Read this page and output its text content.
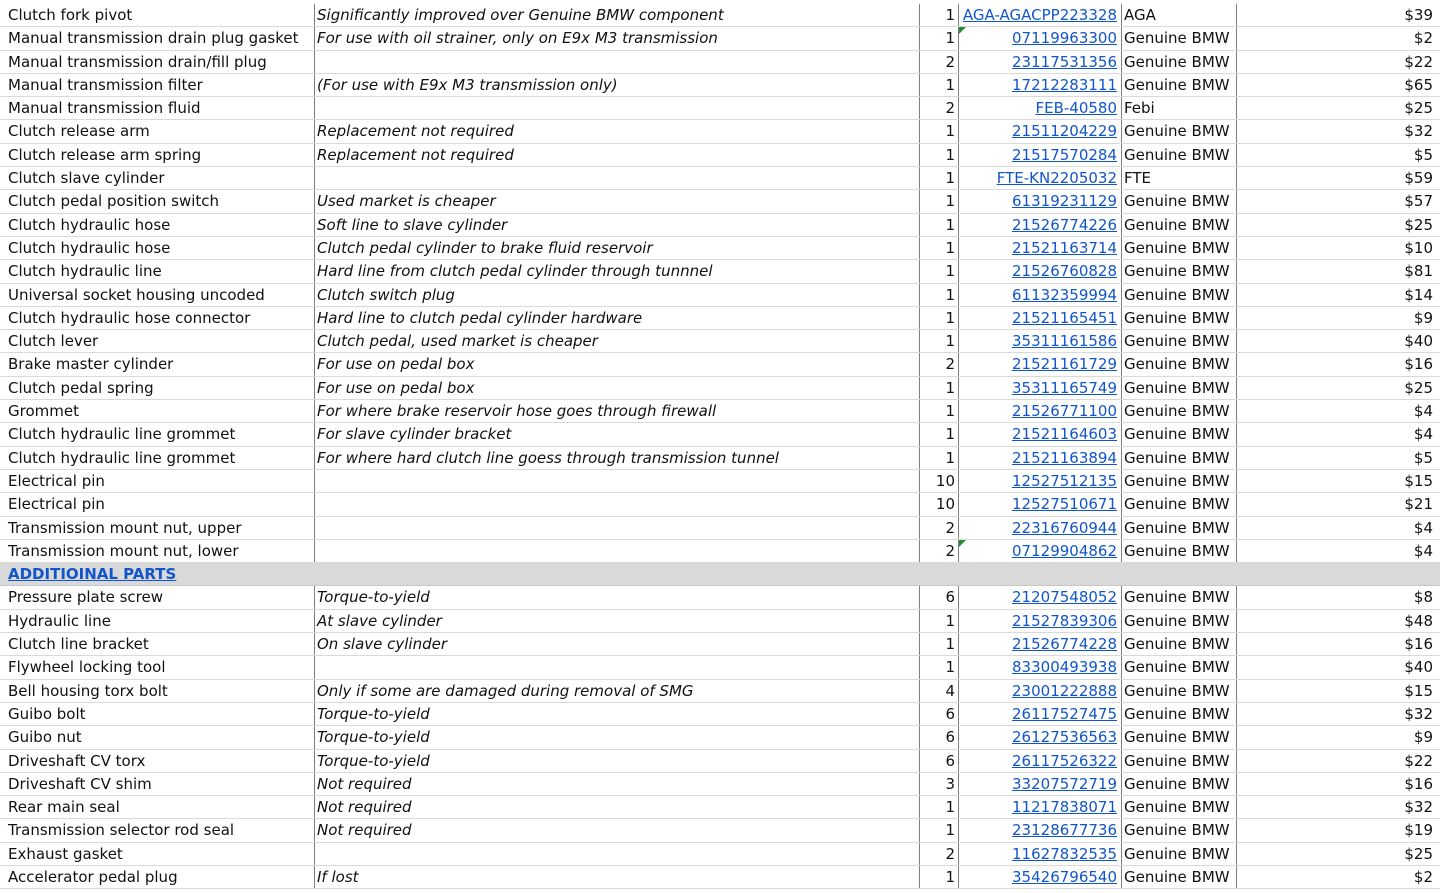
Clutch fork pivot	Significantly improved over Genuine BMW component	1 AGA-AGACPP223328 AGA	$39
Manual transmission drain plug gasket	For use with oil strainer, only on E9x M3 transmission	1	07119963300 Genuine BMW	$2
Manual transmission drain/fill plug	2	23117531356 Genuine BMW	$22
Manual transmission filter	(For use with E9x M3 transmission only)	1	17212283111 Genuine BMW	$65
Manual transmission fluid	2	FEB-40580 Febi	$25
Clutch release arm	Replacement not required	1	21511204229 Genuine BMW	$32
Clutch release arm spring	Replacement not required	1	21517570284 Genuine BMW	$5
Clutch slave cylinder	1	FTE-KN2205032 FTE	$59
Clutch pedal position switch	Used market is cheaper	1	61319231129 Genuine BMW	$57
Clutch hydraulic hose	Soft line to slave cylinder	1	21526774226 Genuine BMW	$25
Clutch hydraulic hose	Clutch pedal cylinder to brake fluid reservoir	1	21521163714 Genuine BMW	$10
Clutch hydraulic line	Hard line from clutch pedal cylinder through tunnnel	1	21526760828 Genuine BMW	$81
Universal socket housing uncoded	Clutch switch plug	1	61132359994 Genuine BMW	$14
Clutch hydraulic hose connector	Hard line to clutch pedal cylinder hardware	1	21521165451 Genuine BMW	$9
Clutch lever	Clutch pedal, used market is cheaper	1	35311161586 Genuine BMW	$40
Brake master cylinder	For use on pedal box	2	21521161729 Genuine BMW	$16
Clutch pedal spring	For use on pedal box	1	35311165749 Genuine BMW	$25
Grommet	For where brake reservoir hose goes through firewall	1	21526771100 Genuine BMW	$4
Clutch hydraulic line grommet	For slave cylinder bracket	1	21521164603 Genuine BMW	$4
Clutch hydraulic line grommet	For where hard clutch line goess through transmission tunnel	1	21521163894 Genuine BMW	$5
Electrical pin	10	12527512135 Genuine BMW	$15
Electrical pin	10	12527510671 Genuine BMW	$21
Transmission mount nut, upper	2	22316760944 Genuine BMW	$4
Transmission mount nut, lower	2	07129904862 Genuine BMW	$4
ADDITIOINAL PARTS
Pressure plate screw	Torque-to-yield	6	21207548052 Genuine BMW	$8
Hydraulic line	At slave cylinder	1	21527839306 Genuine BMW	$48
Clutch line bracket	On slave cylinder	1	21526774228 Genuine BMW	$16
Flywheel locking tool	1	83300493938 Genuine BMW	$40
Bell housing torx bolt	Only if some are damaged during removal of SMG	4	23001222888 Genuine BMW	$15
Guibo bolt	Torque-to-yield	6	26117527475 Genuine BMW	$32
Guibo nut	Torque-to-yield	6	26127536563 Genuine BMW	$9
Driveshaft CV torx	Torque-to-yield	6	26117526322 Genuine BMW	$22
Driveshaft CV shim	Not required	3	33207572719 Genuine BMW	$16
Rear main seal	Not required	1	11217838071 Genuine BMW	$32
Transmission selector rod seal	Not required	1	23128677736 Genuine BMW	$19
Exhaust gasket	2	11627832535 Genuine BMW	$25
Accelerator pedal plug	If lost	1	35426796540 Genuine BMW	$2
